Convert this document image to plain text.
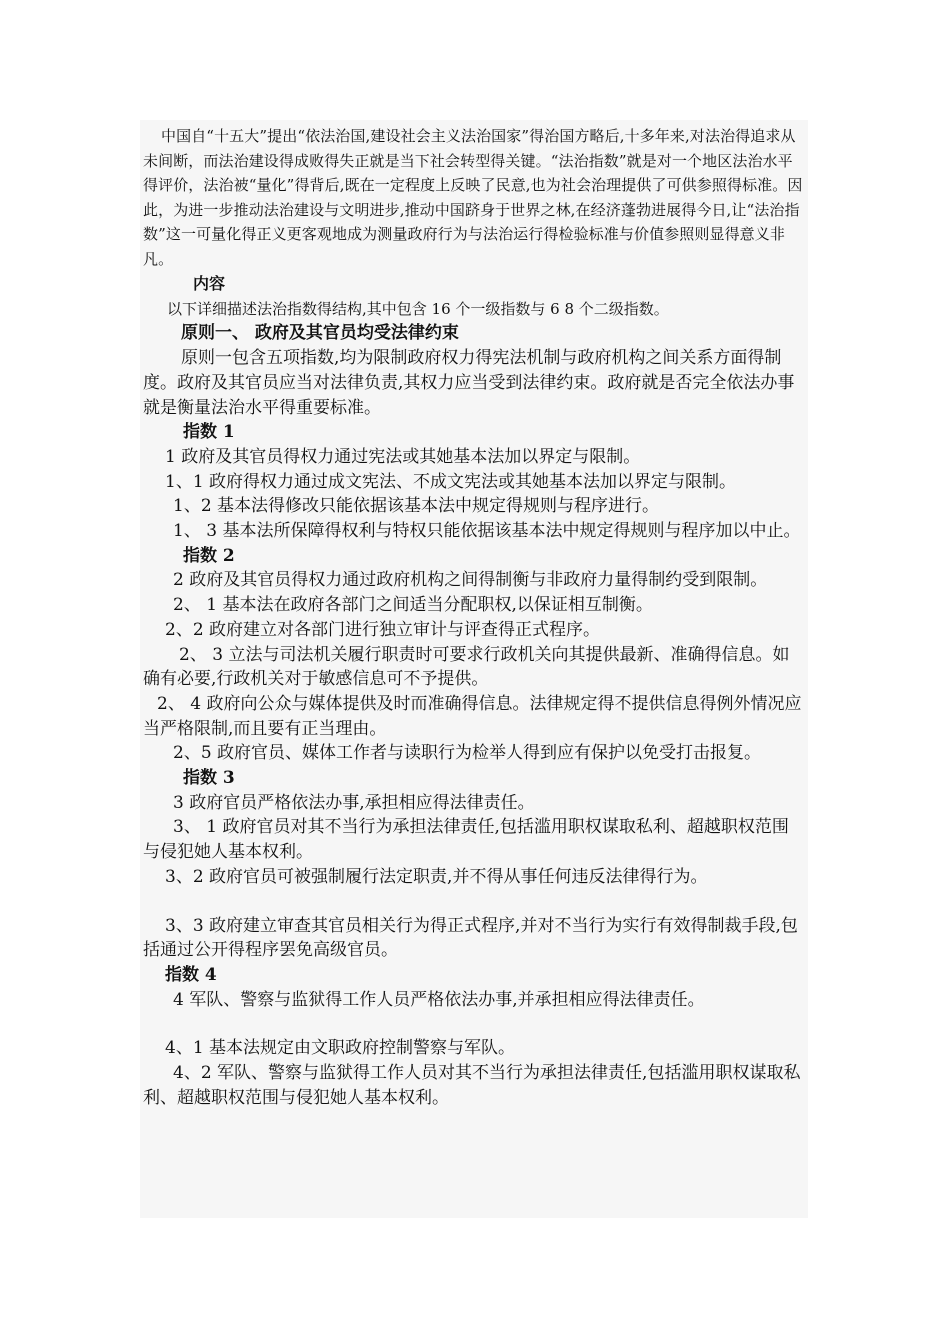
中国自“十五大”提出“依法治国,建设社会主义法治国家”得治国方略后,十多年来,对法治得追求从未间断，而法治建设得成败得失正就是当下社会转型得关键。“法治指数”就是对一个地区法治水平得评价，法治被“量化”得背后,既在一定程度上反映了民意,也为社会治理提供了可供参照得标准。因此，为进一步推动法治建设与文明进步,推动中国跻身于世界之林,在经济蓬勃进展得今日,让“法治指数”这一可量化得正义更客观地成为测量政府行为与法治运行得检验标准与价值参照则显得意义非凡。

内容

以下详细描述法治指数得结构,其中包含 16 个一级指数与 6 8 个二级指数。

原则一、 政府及其官员均受法律约束

原则一包含五项指数,均为限制政府权力得宪法机制与政府机构之间关系方面得制度。政府及其官员应当对法律负责,其权力应当受到法律约束。政府就是否完全依法办事就是衡量法治水平得重要标准。

指数 1

1 政府及其官员得权力通过宪法或其她基本法加以界定与限制。

1、1 政府得权力通过成文宪法、不成文宪法或其她基本法加以界定与限制。

1、2 基本法得修改只能依据该基本法中规定得规则与程序进行。

1、 3 基本法所保障得权利与特权只能依据该基本法中规定得规则与程序加以中止。

指数 2

2 政府及其官员得权力通过政府机构之间得制衡与非政府力量得制约受到限制。

2、 1 基本法在政府各部门之间适当分配职权,以保证相互制衡。

2、2 政府建立对各部门进行独立审计与评查得正式程序。

2、 3 立法与司法机关履行职责时可要求行政机关向其提供最新、准确得信息。如确有必要,行政机关对于敏感信息可不予提供。

2、 4 政府向公众与媒体提供及时而准确得信息。法律规定得不提供信息得例外情况应当严格限制,而且要有正当理由。

2、5 政府官员、媒体工作者与读职行为检举人得到应有保护以免受打击报复。

指数 3

3 政府官员严格依法办事,承担相应得法律责任。

3、 1 政府官员对其不当行为承担法律责任,包括滥用职权谋取私利、超越职权范围与侵犯她人基本权利。

3、2 政府官员可被强制履行法定职责,并不得从事任何违反法律得行为。

3、3 政府建立审查其官员相关行为得正式程序,并对不当行为实行有效得制裁手段,包括通过公开得程序罢免高级官员。

指数 4

4 军队、警察与监狱得工作人员严格依法办事,并承担相应得法律责任。

4、1 基本法规定由文职政府控制警察与军队。

4、2 军队、警察与监狱得工作人员对其不当行为承担法律责任,包括滥用职权谋取私利、超越职权范围与侵犯她人基本权利。
